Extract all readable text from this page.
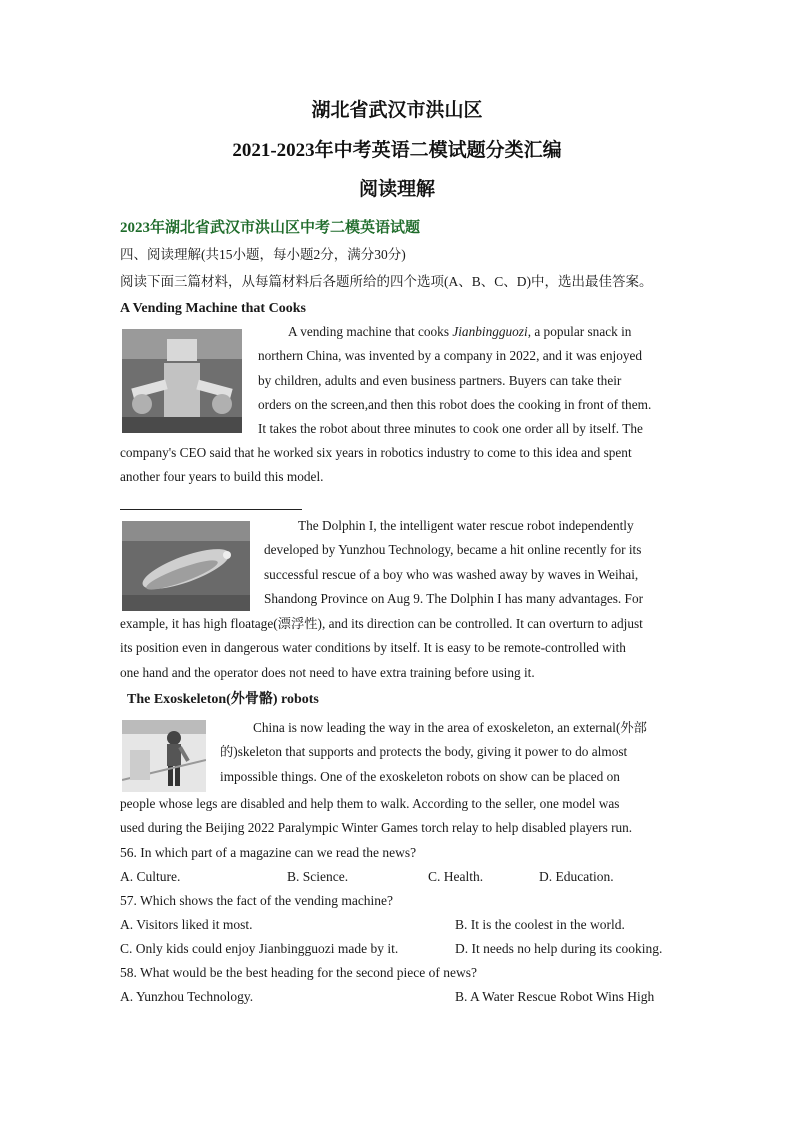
湖北省武汉市洪山区
2021-2023年中考英语二模试题分类汇编
阅读理解
2023年湖北省武汉市洪山区中考二模英语试题
四、阅读理解(共15小题，每小题2分，满分30分)
阅读下面三篇材料，从每篇材料后各题所给的四个选项(A、B、C、D)中，选出最佳答案。
A Vending Machine that Cooks
A vending machine that cooks Jianbingguozi, a popular snack in
northern China, was invented by a company in 2022, and it was enjoyed
by children, adults and even business partners. Buyers can take their
orders on the screen,and then this robot does the cooking in front of them.
It takes the robot about three minutes to cook one order all by itself. The
company's CEO said that he worked six years in robotics industry to come to this idea and spent
another four years to build this model.
The Dolphin I, the intelligent water rescue robot independently
developed by Yunzhou Technology, became a hit online recently for its
successful rescue of a boy who was washed away by waves in Weihai,
Shandong Province on Aug 9. The Dolphin I has many advantages. For
example, it has high floatage(漂浮性), and its direction can be controlled. It can overturn to adjust
its position even in dangerous water conditions by itself. It is easy to be remote-controlled with
one hand and the operator does not need to have extra training before using it.
The Exoskeleton(外骨骼) robots
China is now leading the way in the area of exoskeleton, an external(外部
的)skeleton that supports and protects the body, giving it power to do almost
impossible things. One of the exoskeleton robots on show can be placed on
people whose legs are disabled and help them to walk. According to the seller, one model was
used during the Beijing 2022 Paralympic Winter Games torch relay to help disabled players run.
56. In which part of a magazine can we read the news?
A. Culture.	B. Science.	C. Health.	D. Education.
57. Which shows the fact of the vending machine?
A. Visitors liked it most.	B. It is the coolest in the world.
C. Only kids could enjoy Jianbingguozi made by it.	D. It needs no help during its cooking.
58. What would be the best heading for the second piece of news?
A. Yunzhou Technology.	B. A Water Rescue Robot Wins High
